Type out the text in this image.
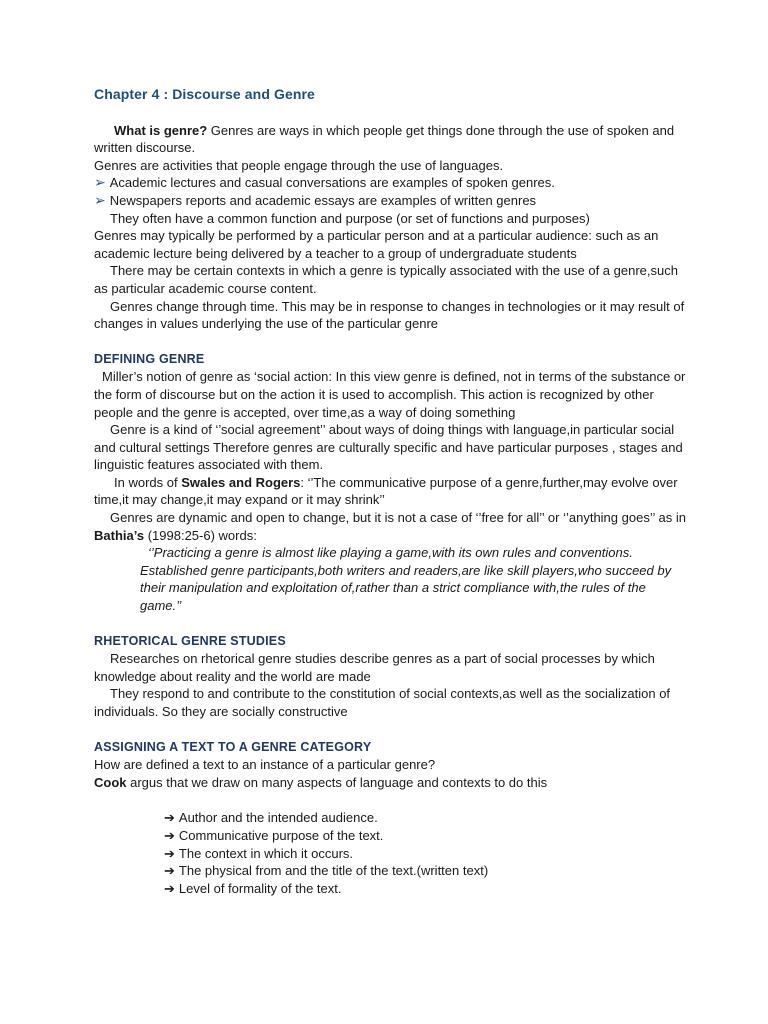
Chapter 4 : Discourse and Genre

What is genre? Genres are ways in which people get things done through the use of spoken and written discourse.

Genres are activities that people engage through the use of languages.

➢ Academic lectures and casual conversations are examples of spoken genres.

➢ Newspapers reports and academic essays are examples of written genres

They often have a common function and purpose (or set of functions and purposes)

Genres may typically be performed by a particular person and at a particular audience: such as an academic lecture being delivered by a teacher to a group of undergraduate students

There may be certain contexts in which a genre is typically associated with the use of a genre,such as particular academic course content.

Genres change through time. This may be in response to changes in technologies or it may result of changes in values underlying the use of the particular genre

DEFINING GENRE

Miller’s notion of genre as ‘social action: In this view genre is defined, not in terms of the substance or the form of discourse but on the action it is used to accomplish. This action is recognized by other people and the genre is accepted, over time,as a way of doing something

Genre is a kind of ‘’social agreement’’ about ways of doing things with language,in particular social and cultural settings Therefore genres are culturally specific and have particular purposes , stages and linguistic features associated with them.

In words of Swales and Rogers: ‘’The communicative purpose of a genre,further,may evolve over time,it may change,it may expand or it may shrink’’

Genres are dynamic and open to change, but it is not a case of ‘’free for all’’ or ‘’anything goes’’ as in Bathia’s (1998:25-6) words:

‘’Practicing a genre is almost like playing a game,with its own rules and conventions. Established genre participants,both writers and readers,are like skill players,who succeed by their manipulation and exploitation of,rather than a strict compliance with,the rules of the game.’’

RHETORICAL GENRE STUDIES

Researches on rhetorical genre studies describe genres as a part of social processes by which knowledge about reality and the world are made

They respond to and contribute to the constitution of social contexts,as well as the socialization of individuals. So they are socially constructive

ASSIGNING A TEXT TO A GENRE CATEGORY

How are defined a text to an instance of a particular genre?

Cook argus that we draw on many aspects of language and contexts to do this

➔ Author and the intended audience.

➔ Communicative purpose of the text.

➔ The context in which it occurs.

➔ The physical from and the title of the text.(written text)

➔ Level of formality of the text.
